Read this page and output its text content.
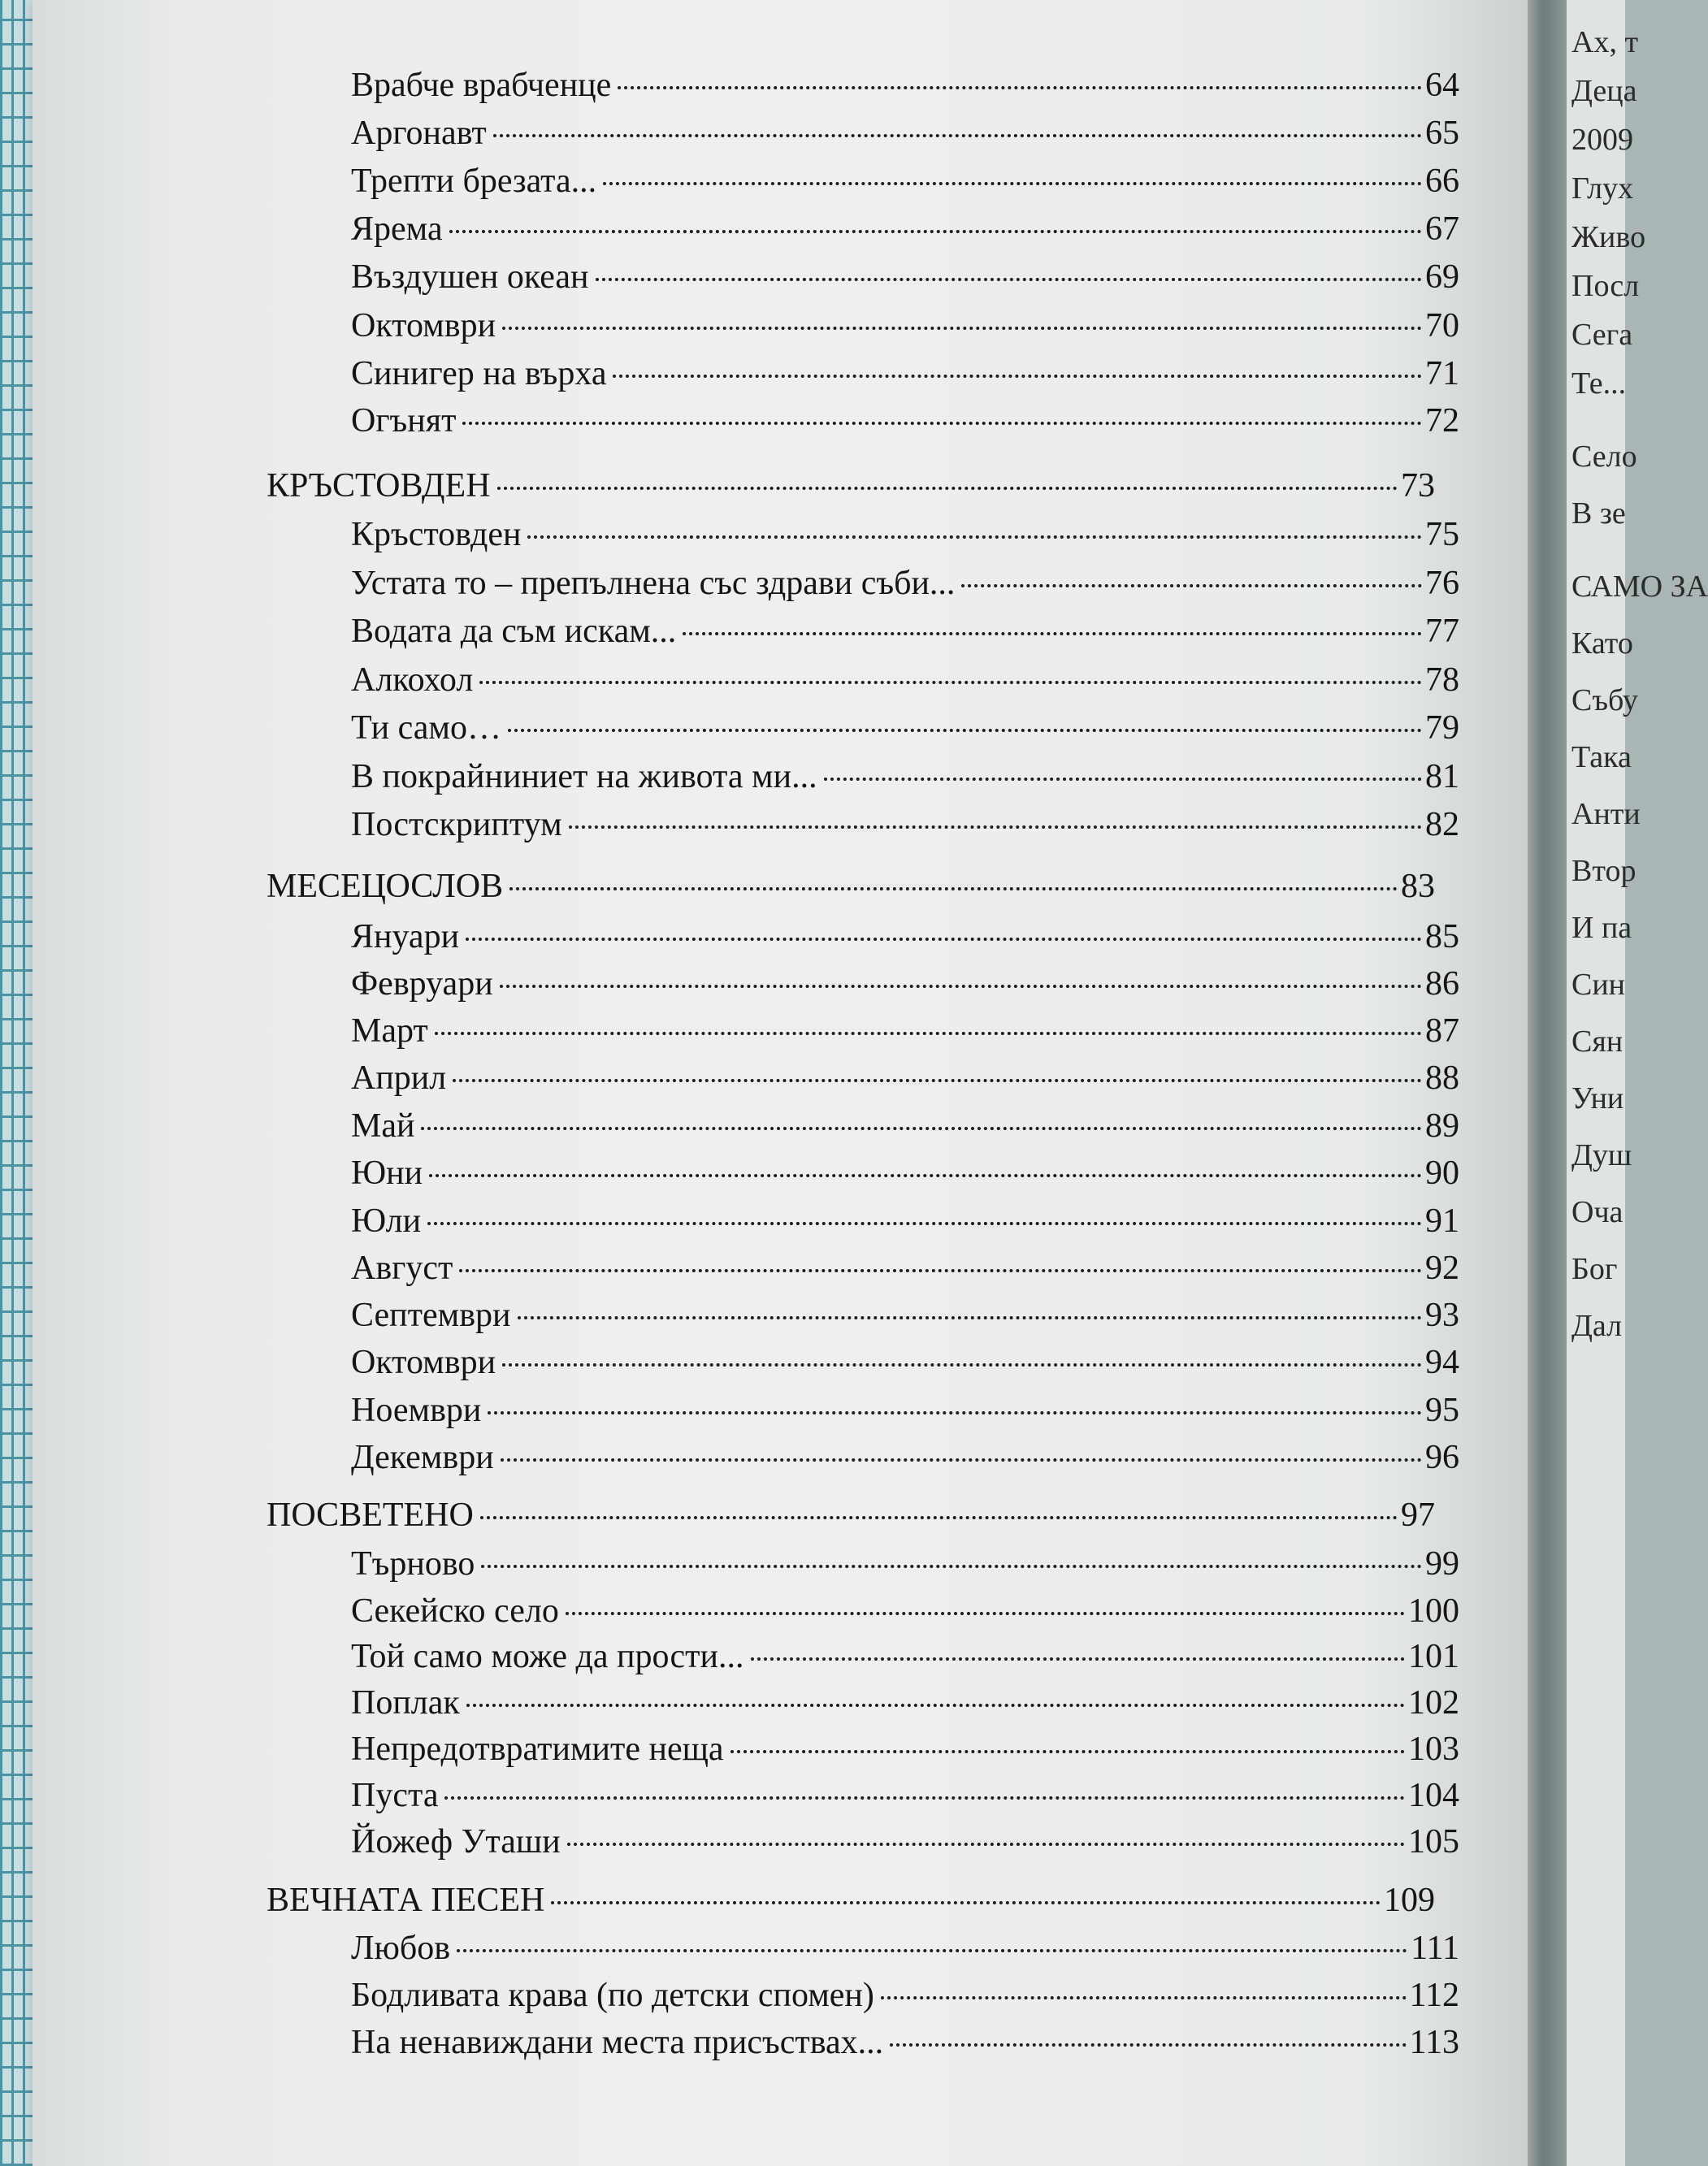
Ах, т
Деца
2009
Глух
Живо
Посл
Сега
Те...
Село
В зе
САМО ЗА
Като
Събу
Така
Анти
Втор
И па
Син
Сян
Уни
Душ
Оча
Бог
Дал
Врабче врабченце	64
Аргонавт	65
Трепти брезата...	66
Ярема	67
Въздушен океан	69
Октомври	70
Синигер на върха	71
Огънят	72
КРЪСТОВДЕН	73
Кръстовден	75
Устата то – препълнена със здрави съби...	76
Водата да съм искам...	77
Алкохол	78
Ти само…	79
В покрайниниет на живота ми...	81
Постскриптум	82
МЕСЕЦОСЛОВ	83
Януари	85
Февруари	86
Март	87
Април	88
Май	89
Юни	90
Юли	91
Август	92
Септември	93
Октомври	94
Ноември	95
Декември	96
ПОСВЕТЕНО	97
Търново	99
Секейско село	100
Той само може да прости...	101
Поплак	102
Непредотвратимите неща	103
Пуста	104
Йожеф Уташи	105
ВЕЧНАТА ПЕСЕН	109
Любов	111
Бодливата крава (по детски спомен)	112
На ненавиждани места присъствах...	113
